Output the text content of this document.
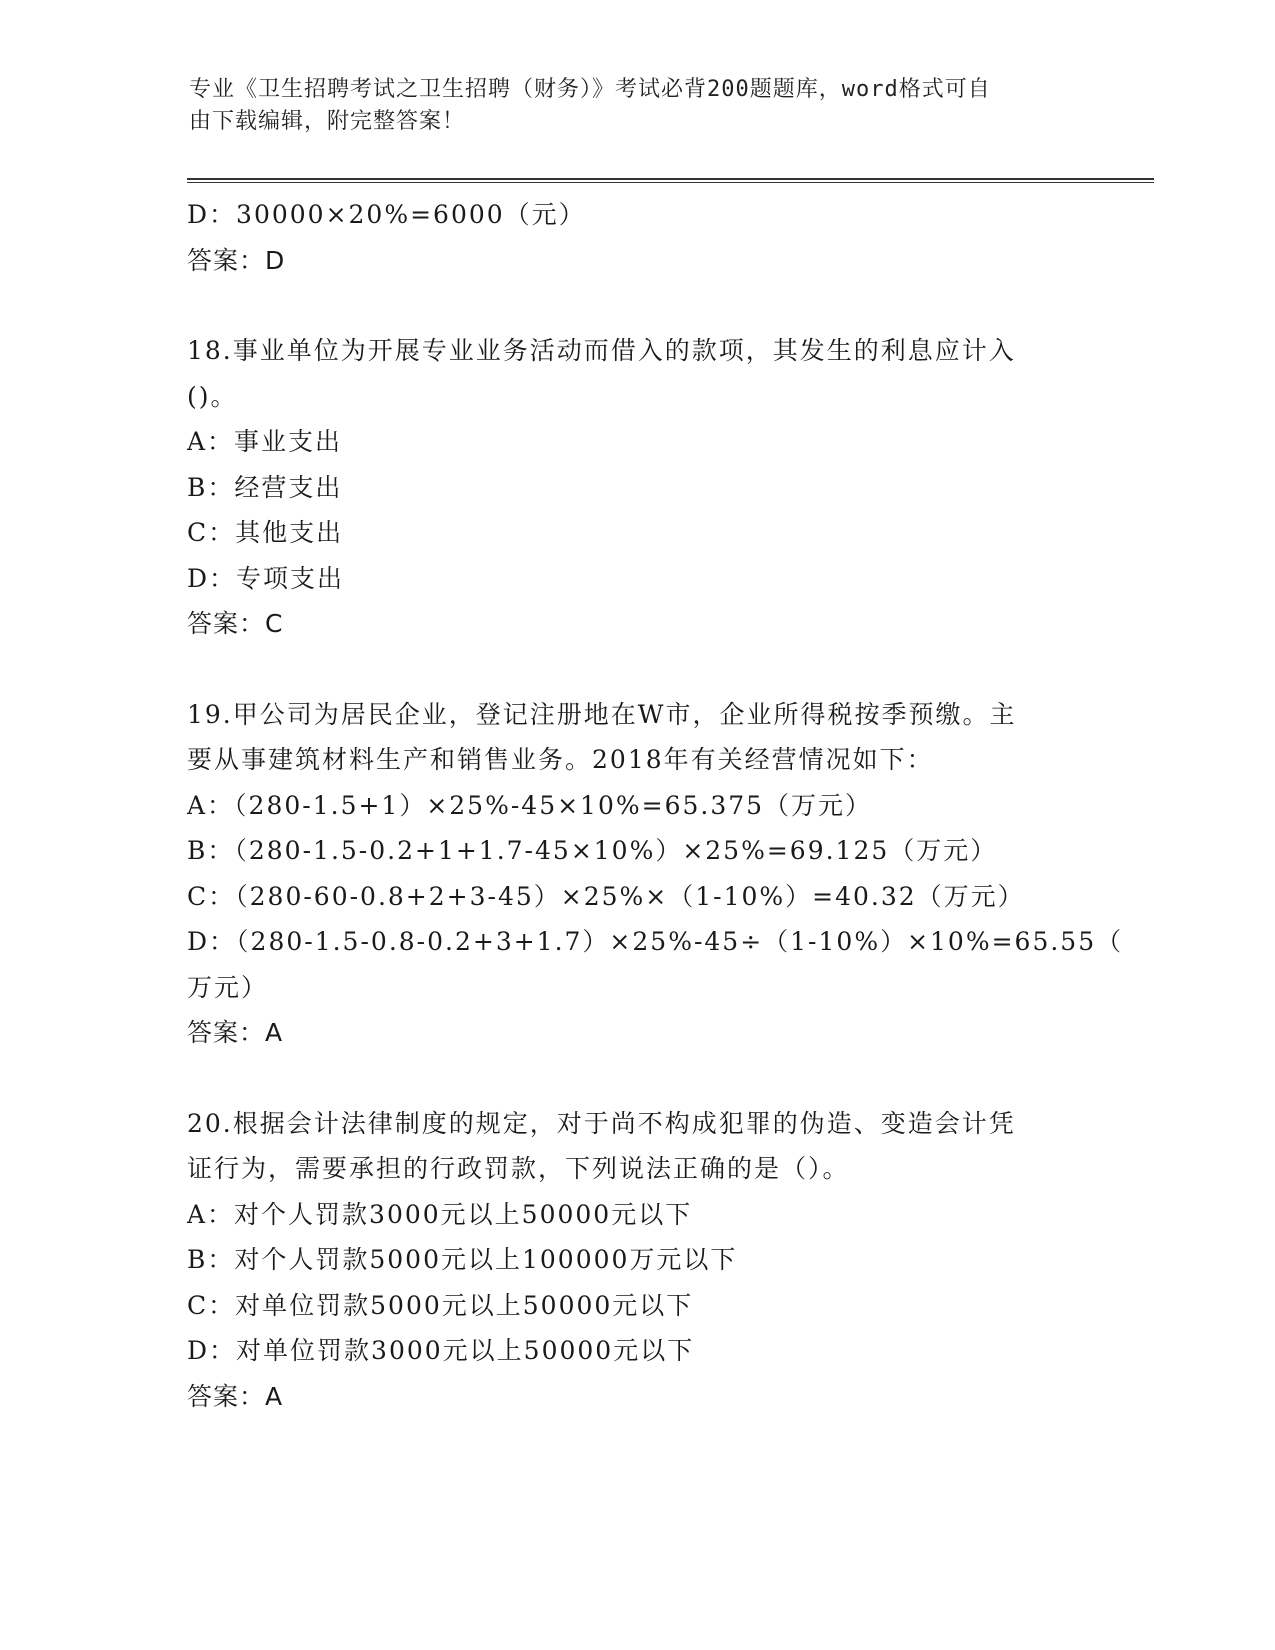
专业《卫生招聘考试之卫生招聘（财务）》考试必背200题题库，word格式可自
由下载编辑，附完整答案！
D：30000×20%=6000（元）
答案：D
18.事业单位为开展专业业务活动而借入的款项，其发生的利息应计入
()。
A：事业支出
B：经营支出
C：其他支出
D：专项支出
答案：C
19.甲公司为居民企业，登记注册地在W市，企业所得税按季预缴。主
要从事建筑材料生产和销售业务。2018年有关经营情况如下：
A：（280-1.5+1）×25%-45×10%=65.375（万元）
B：（280-1.5-0.2+1+1.7-45×10%）×25%=69.125（万元）
C：（280-60-0.8+2+3-45）×25%×（1-10%）=40.32（万元）
D：（280-1.5-0.8-0.2+3+1.7）×25%-45÷（1-10%）×10%=65.55（
万元）
答案：A
20.根据会计法律制度的规定，对于尚不构成犯罪的伪造、变造会计凭
证行为，需要承担的行政罚款，下列说法正确的是（）。
A：对个人罚款3000元以上50000元以下
B：对个人罚款5000元以上100000万元以下
C：对单位罚款5000元以上50000元以下
D：对单位罚款3000元以上50000元以下
答案：A
